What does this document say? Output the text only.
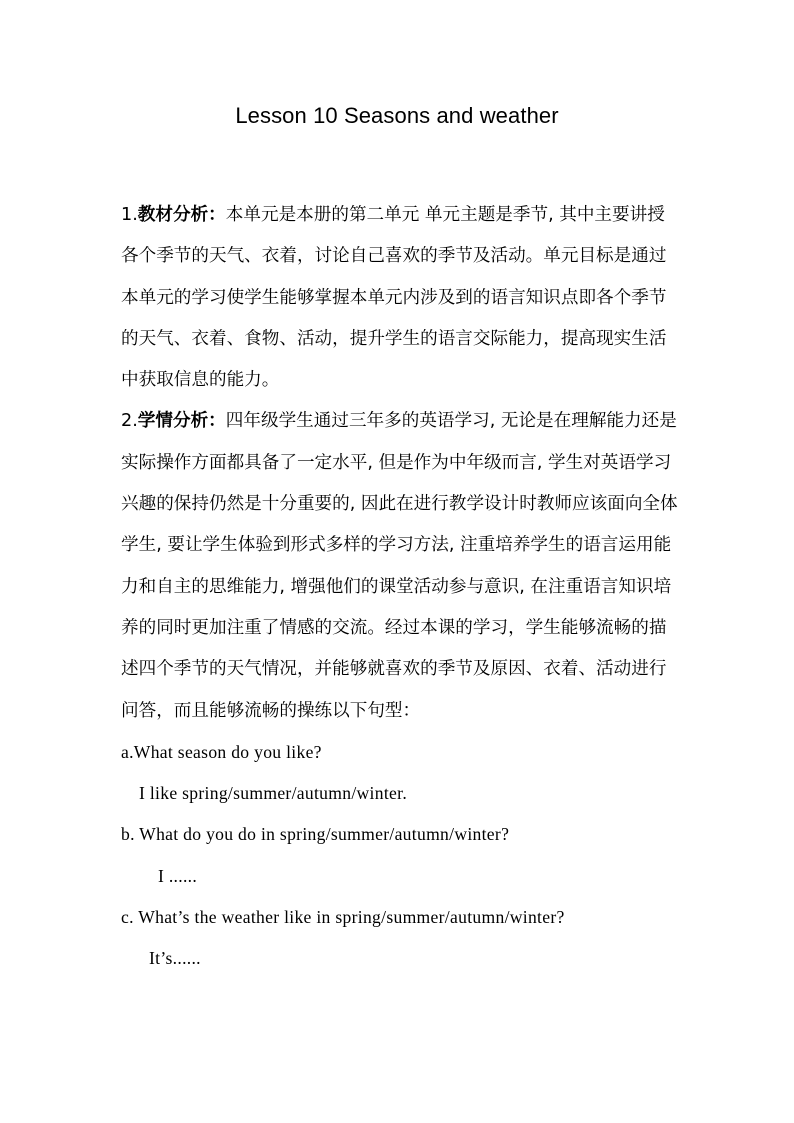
Lesson 10 Seasons and weather

1.教材分析：本单元是本册的第二单元 单元主题是季节, 其中主要讲授各个季节的天气、衣着，讨论自己喜欢的季节及活动。单元目标是通过本单元的学习使学生能够掌握本单元内涉及到的语言知识点即各个季节的天气、衣着、食物、活动，提升学生的语言交际能力，提高现实生活中获取信息的能力。

2.学情分析：四年级学生通过三年多的英语学习, 无论是在理解能力还是实际操作方面都具备了一定水平, 但是作为中年级而言, 学生对英语学习兴趣的保持仍然是十分重要的, 因此在进行教学设计时教师应该面向全体学生, 要让学生体验到形式多样的学习方法, 注重培养学生的语言运用能力和自主的思维能力, 增强他们的课堂活动参与意识, 在注重语言知识培养的同时更加注重了情感的交流。经过本课的学习，学生能够流畅的描述四个季节的天气情况，并能够就喜欢的季节及原因、衣着、活动进行问答，而且能够流畅的操练以下句型：

a.What season do you like?

I like spring/summer/autumn/winter.

b. What do you do in spring/summer/autumn/winter?

I ......

c. What’s the weather like in spring/summer/autumn/winter?

It’s......
